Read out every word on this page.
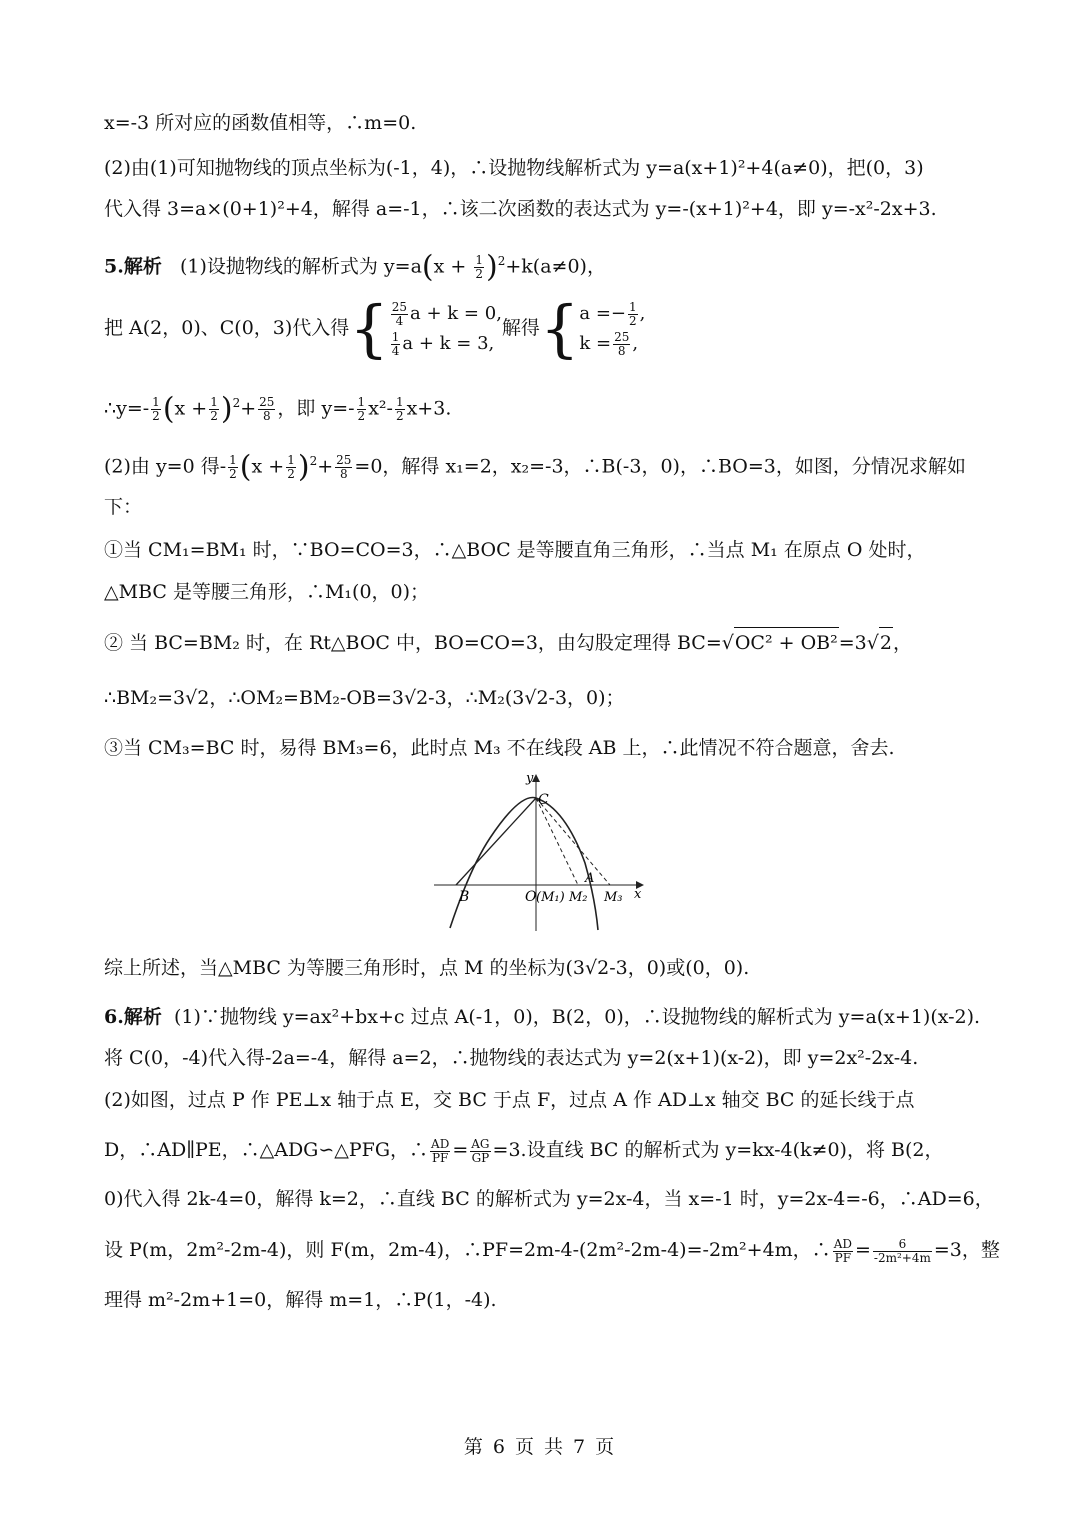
x=-3 所对应的函数值相等，∴m=0.
(2)由(1)可知抛物线的顶点坐标为(-1，4)，∴设抛物线解析式为 y=a(x+1)²+4(a≠0)，把(0，3)
代入得 3=a×(0+1)²+4，解得 a=-1，∴该二次函数的表达式为 y=-(x+1)²+4，即 y=-x²-2x+3.
5.解析 (1)设抛物线的解析式为 $y=a(x + \frac{1}{2} )^2+k(a\ne 0)$，
把 A(2，0)、C(0，3)代入得{ $\frac{25}{4}$ a + k = 0,
$\frac{1}{4}$ a + k = 3,
解得{ $a =- \frac{1}{2}$ ,
$k = \frac{25}{8}$ ,
∴y=- $\frac{1}{2} (x + \frac{1}{2} )^2+ \frac{25}{8}$ ，即 $y=- \frac{1}{2} x^2- \frac{1}{2} x+3$.
(2)由 y=0 得- $\frac{1}{2} (x + \frac{1}{2} )^2+ \frac{25}{8} =0$，解得 x₁=2，x₂=-3，∴B(-3，0)，∴BO=3，如图，分情况求解如
下：
①当 CM₁=BM₁ 时，∵BO=CO=3，∴△BOC 是等腰直角三角形，∴当点 M₁ 在原点 O 处时，
△MBC 是等腰三角形，∴M₁(0，0)；
② 当 BC=BM₂ 时，在 Rt△BOC 中，BO=CO=3，由勾股定理得 BC=√OC² + OB²=3√2，
∴BM₂=3√2，∴OM₂=BM₂-OB=3√2-3，∴M₂(3√2-3，0)；
③当 CM₃=BC 时，易得 BM₃=6，此时点 M₃ 不在线段 AB 上，∴此情况不符合题意，舍去.
y
x
C
B	O (M₁) M₂
A
M₃
综上所述，当△MBC 为等腰三角形时，点 M 的坐标为(3√2-3，0)或(0，0).
6.解析 (1)∵抛物线 y=ax²+bx+c 过点 A(-1，0)，B(2，0)，∴设抛物线的解析式为 y=a(x+1)(x-2).
将 C(0，-4)代入得-2a=-4，解得 a=2，∴抛物线的表达式为 y=2(x+1)(x-2)，即 y=2x²-2x-4.
(2)如图，过点 P 作 PE⊥x 轴于点 E，交 BC 于点 F，过点 A 作 AD⊥x 轴交 BC 的延长线于点
D，∴AD∥PE，∴△ADG∽△PFG，∴ $\frac{AD}{PF} = \frac{AG}{GP} =3$.设直线 BC 的解析式为 y=kx-4(k≠0)，将 B(2，
0)代入得 2k-4=0，解得 k=2，∴直线 BC 的解析式为 y=2x-4，当 x=-1 时，y=2x-4=-6，∴AD=6，
设 P(m，2m²-2m-4)，则 F(m，2m-4)，∴PF=2m-4-(2m²-2m-4)=-2m²+4m，∴ $\frac{AD}{PF} = \frac{6}{\text{-2m²+4m}} =3$，整
理得 m²-2m+1=0，解得 m=1，∴P(1，-4).
第 6 页 共 7 页
